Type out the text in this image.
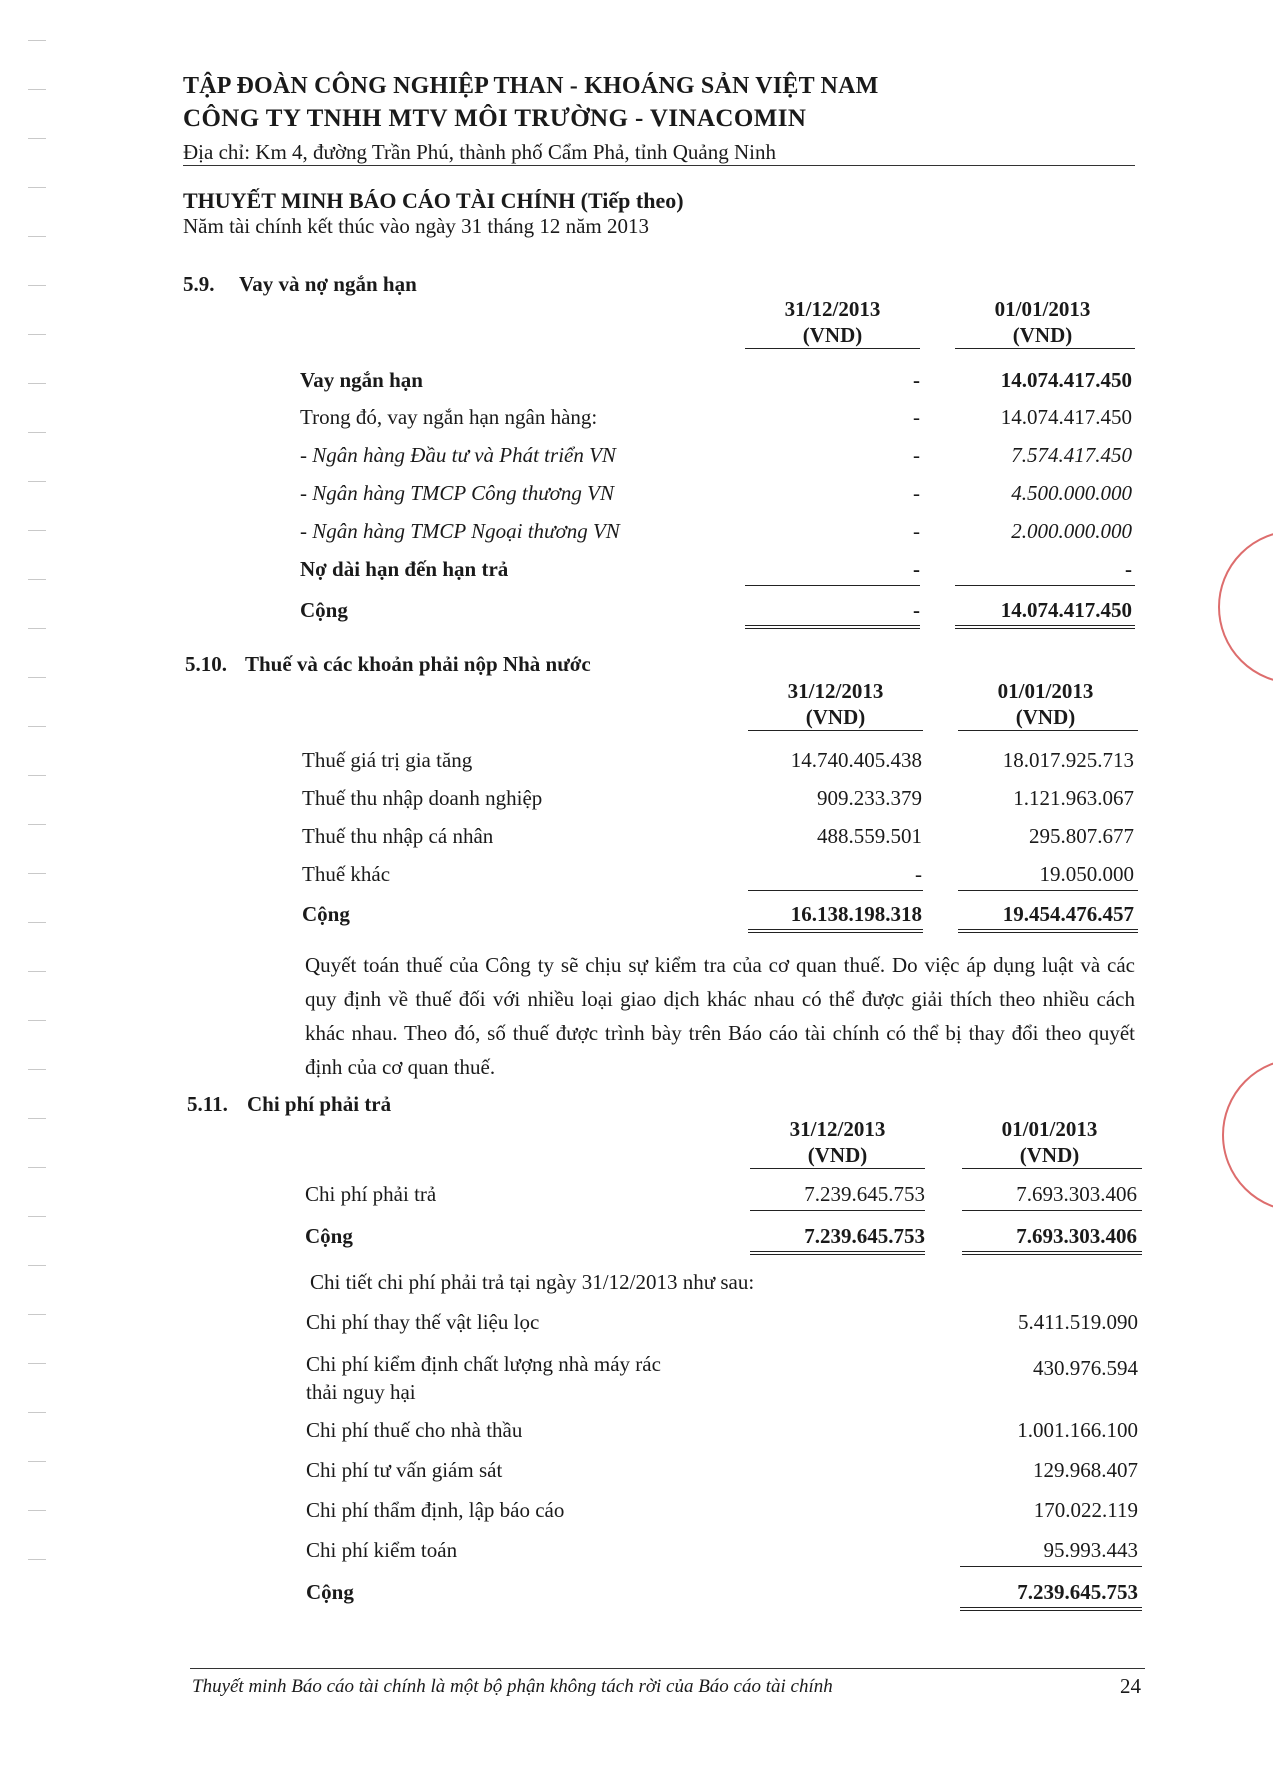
TẬP ĐOÀN CÔNG NGHIỆP THAN - KHOÁNG SẢN VIỆT NAM
CÔNG TY TNHH MTV MÔI TRƯỜNG - VINACOMIN
Địa chỉ: Km 4, đường Trần Phú, thành phố Cẩm Phả, tỉnh Quảng Ninh
THUYẾT MINH BÁO CÁO TÀI CHÍNH (Tiếp theo)
Năm tài chính kết thúc vào ngày 31 tháng 12 năm 2013
5.9. Vay và nợ ngắn hạn
31/12/2013
(VND)
01/01/2013
(VND)
Vay ngắn hạn	-	14.074.417.450
Trong đó, vay ngắn hạn ngân hàng:	-	14.074.417.450
- Ngân hàng Đầu tư và Phát triển VN	-	7.574.417.450
- Ngân hàng TMCP Công thương VN	-	4.500.000.000
- Ngân hàng TMCP Ngoại thương VN	-	2.000.000.000
Nợ dài hạn đến hạn trả	-	-
Cộng	-	14.074.417.450
5.10. Thuế và các khoản phải nộp Nhà nước
31/12/2013
(VND)
01/01/2013
(VND)
Thuế giá trị gia tăng	14.740.405.438	18.017.925.713
Thuế thu nhập doanh nghiệp	909.233.379	1.121.963.067
Thuế thu nhập cá nhân	488.559.501	295.807.677
Thuế khác	-	19.050.000
Cộng	16.138.198.318	19.454.476.457
Quyết toán thuế của Công ty sẽ chịu sự kiểm tra của cơ quan thuế. Do việc áp dụng luật và các quy định về thuế đối với nhiều loại giao dịch khác nhau có thể được giải thích theo nhiều cách khác nhau. Theo đó, số thuế được trình bày trên Báo cáo tài chính có thể bị thay đổi theo quyết định của cơ quan thuế.
5.11. Chi phí phải trả
31/12/2013
(VND)
01/01/2013
(VND)
Chi phí phải trả	7.239.645.753	7.693.303.406
Cộng	7.239.645.753	7.693.303.406
Chi tiết chi phí phải trả tại ngày 31/12/2013 như sau:
Chi phí thay thế vật liệu lọc	5.411.519.090
Chi phí kiểm định chất lượng nhà máy rác	430.976.594
thải nguy hại
Chi phí thuế cho nhà thầu	1.001.166.100
Chi phí tư vấn giám sát	129.968.407
Chi phí thẩm định, lập báo cáo	170.022.119
Chi phí kiểm toán	95.993.443
Cộng	7.239.645.753
Thuyết minh Báo cáo tài chính là một bộ phận không tách rời của Báo cáo tài chính	24
